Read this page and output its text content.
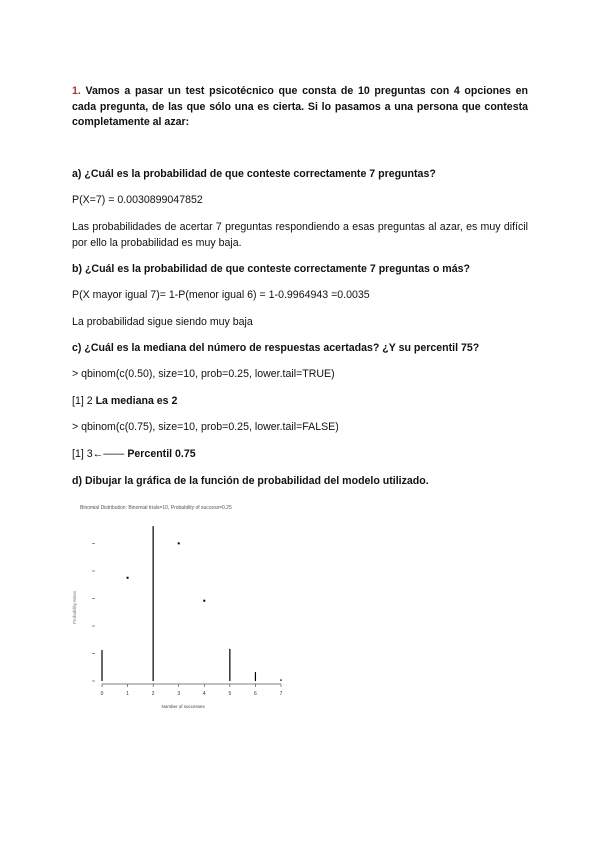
1. Vamos a pasar un test psicotécnico que consta de 10 preguntas con 4 opciones en cada pregunta, de las que sólo una es cierta. Si lo pasamos a una persona que contesta completamente al azar:
a) ¿Cuál es la probabilidad de que conteste correctamente 7 preguntas?
P(X=7) = 0.0030899047852
Las probabilidades de acertar 7 preguntas respondiendo a esas preguntas al azar, es muy difícil por ello la probabilidad es muy baja.
b) ¿Cuál es la probabilidad de que conteste correctamente 7 preguntas o más?
P(X mayor igual 7)= 1-P(menor igual 6) = 1-0.9964943 =0.0035
La probabilidad sigue siendo muy baja
c) ¿Cuál es la mediana del número de respuestas acertadas? ¿Y su percentil 75?
> qbinom(c(0.50), size=10, prob=0.25, lower.tail=TRUE)
[1] 2 La mediana es 2
> qbinom(c(0.75), size=10, prob=0.25, lower.tail=FALSE)
[1] 3←—— Percentil 0.75
d) Dibujar la gráfica de la función de probabilidad del modelo utilizado.
0	1	2	3	4	5	6	7
Number of successes
Probability Mass
Binomial Distribution: Binomial trials=10, Probability of success=0.25
